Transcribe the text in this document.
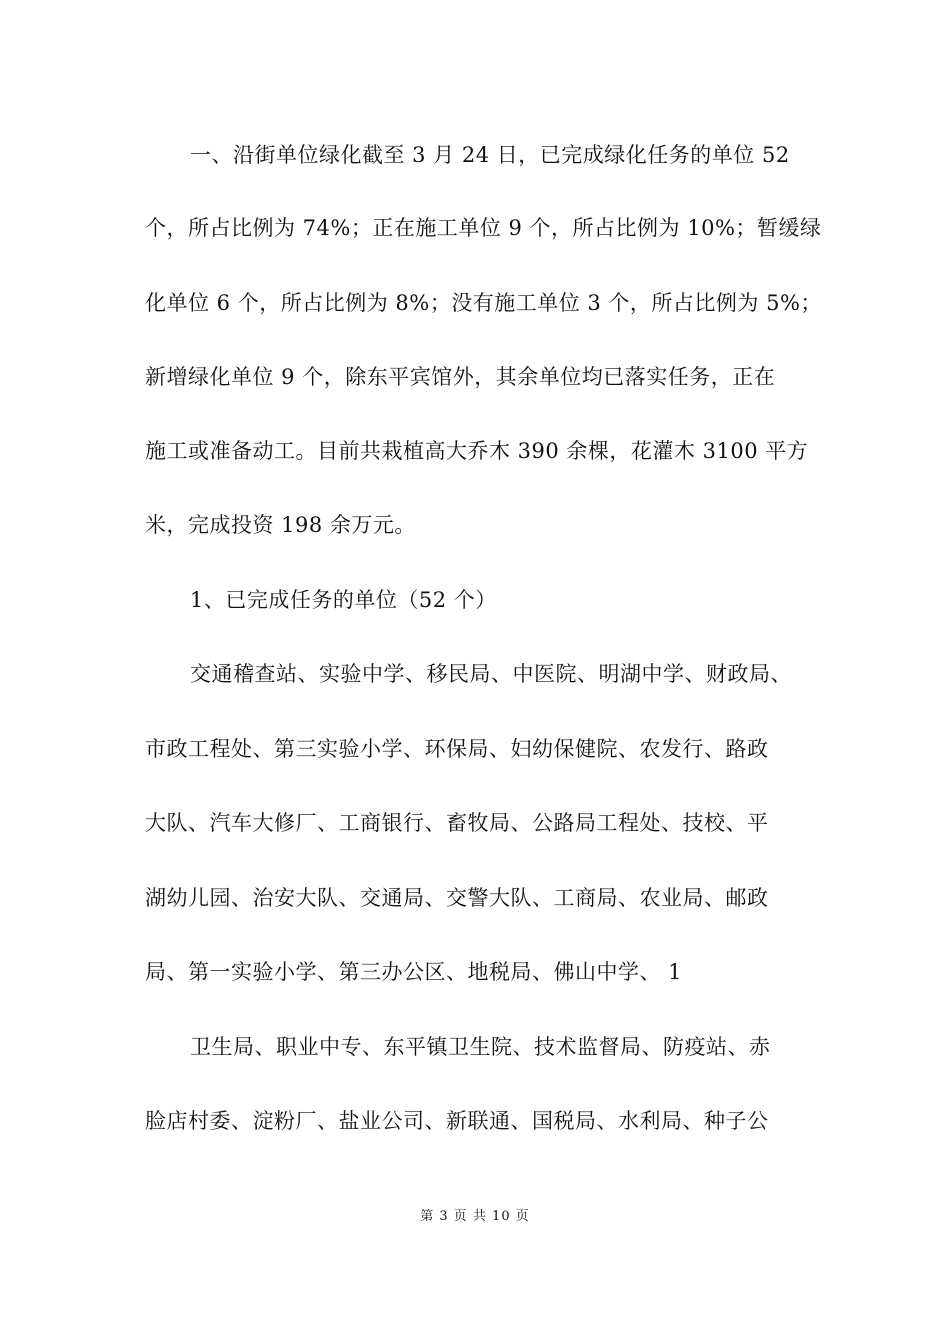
一、沿街单位绿化截至 3 月 24 日，已完成绿化任务的单位 52
个，所占比例为 74%；正在施工单位 9 个，所占比例为 10%；暂缓绿
化单位 6 个，所占比例为 8%；没有施工单位 3 个，所占比例为 5%；
新增绿化单位 9 个，除东平宾馆外，其余单位均已落实任务，正在
施工或准备动工。目前共栽植高大乔木 390 余棵，花灌木 3100 平方
米，完成投资 198 余万元。
1、已完成任务的单位（52 个）
交通稽查站、实验中学、移民局、中医院、明湖中学、财政局、
市政工程处、第三实验小学、环保局、妇幼保健院、农发行、路政
大队、汽车大修厂、工商银行、畜牧局、公路局工程处、技校、平
湖幼儿园、治安大队、交通局、交警大队、工商局、农业局、邮政
局、第一实验小学、第三办公区、地税局、佛山中学、 1
卫生局、职业中专、东平镇卫生院、技术监督局、防疫站、赤
脸店村委、淀粉厂、盐业公司、新联通、国税局、水利局、种子公
第 3 页 共 10 页
